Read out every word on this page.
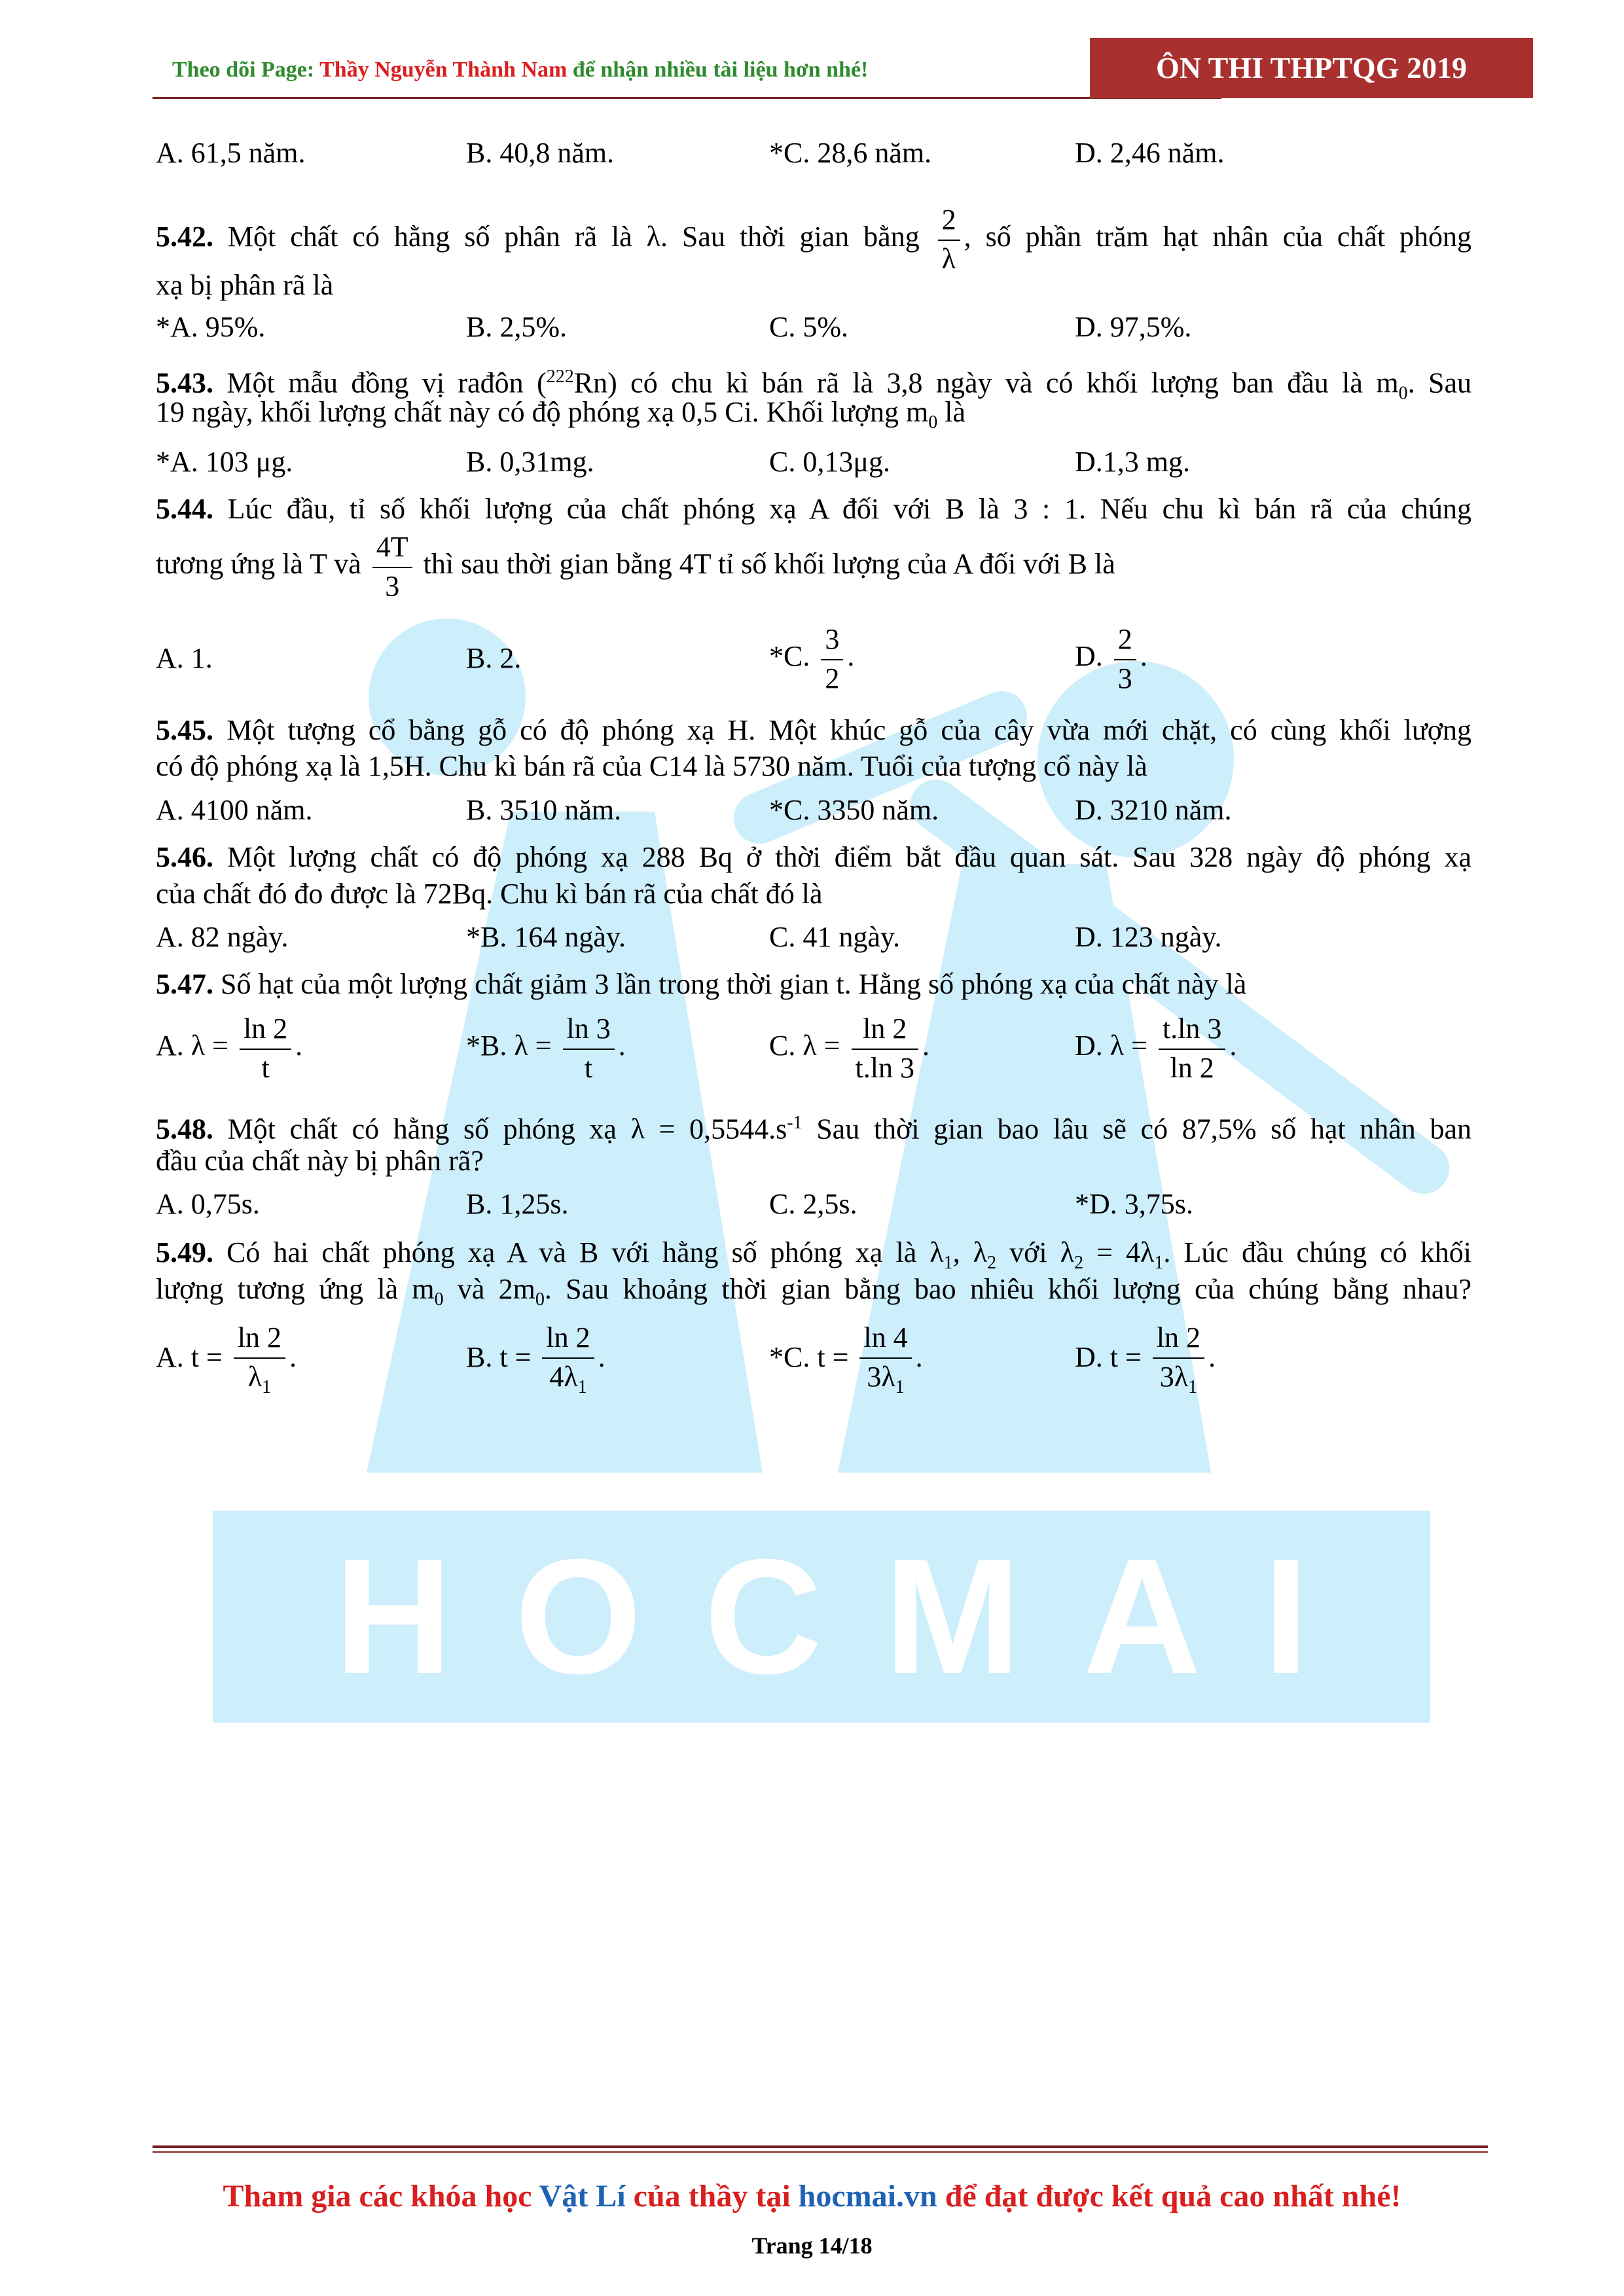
Theo dõi Page: Thầy Nguyễn Thành Nam để nhận nhiều tài liệu hơn nhé!	ÔN THI THPTQG 2019
HOCMAI
A. 61,5 năm.	B. 40,8 năm.	*C. 28,6 năm.	D. 2,46 năm.
5.42. Một chất có hằng số phân rã là λ. Sau thời gian bằng $\frac{2}{\lambda}$ , số phần trăm hạt nhân của chất phóng
xạ bị phân rã là
*A. 95%.	B. 2,5%.	C. 5%.	D. 97,5%.
5.43. Một mẫu đồng vị rađôn ($^{222}$Rn) có chu kì bán rã là 3,8 ngày và có khối lượng ban đầu là $m_0$. Sau
19 ngày, khối lượng chất này có độ phóng xạ 0,5 Ci. Khối lượng $m_0$ là
*A. 103 μg.	B. 0,31mg.	C. 0,13μg.	D.1,3 mg.
5.44. Lúc đầu, tỉ số khối lượng của chất phóng xạ A đối với B là 3 : 1. Nếu chu kì bán rã của chúng
tương ứng là T và $\frac{4T}{3}$ thì sau thời gian bằng 4T tỉ số khối lượng của A đối với B là
A. 1.	B. 2.	*C. $\frac{3}{2}$ .	D. $\frac{2}{3}$ .
5.45. Một tượng cổ bằng gỗ có độ phóng xạ H. Một khúc gỗ của cây vừa mới chặt, có cùng khối lượng
có độ phóng xạ là 1,5H. Chu kì bán rã của C14 là 5730 năm. Tuổi của tượng cổ này là
A. 4100 năm.	B. 3510 năm.	*C. 3350 năm.	D. 3210 năm.
5.46. Một lượng chất có độ phóng xạ 288 Bq ở thời điểm bắt đầu quan sát. Sau 328 ngày độ phóng xạ
của chất đó đo được là 72Bq. Chu kì bán rã của chất đó là
A. 82 ngày.	*B. 164 ngày.	C. 41 ngày.	D. 123 ngày.
5.47. Số hạt của một lượng chất giảm 3 lần trong thời gian t. Hằng số phóng xạ của chất này là
A. $\lambda = \frac{\ln 2}{t}$ .	*B. $\lambda = \frac{\ln 3}{t}$ .	C. $\lambda = \frac{\ln 2}{t.\ln 3}$ .	D. $\lambda = \frac{t.\ln 3}{\ln 2}$ .
5.48. Một chất có hằng số phóng xạ $\lambda = 0,5544.s^{-1}$ Sau thời gian bao lâu sẽ có 87,5% số hạt nhân ban
đầu của chất này bị phân rã?
A. 0,75s.	B. 1,25s.	C. 2,5s.	*D. 3,75s.
5.49. Có hai chất phóng xạ A và B với hằng số phóng xạ là $\lambda_1$, $\lambda_2$ với $\lambda_2 = 4\lambda_1$. Lúc đầu chúng có khối
lượng tương ứng là $m_0$ và $2m_0$. Sau khoảng thời gian bằng bao nhiêu khối lượng của chúng bằng nhau?
A. $t = \frac{\ln 2}{\lambda_1}$ .	B. $t = \frac{\ln 2}{4\lambda_1}$ .	*C. $t = \frac{\ln 4}{3\lambda_1}$ .	D. $t = \frac{\ln 2}{3\lambda_1}$ .
Tham gia các khóa học Vật Lí của thầy tại hocmai.vn để đạt được kết quả cao nhất nhé!
Trang 14/18
